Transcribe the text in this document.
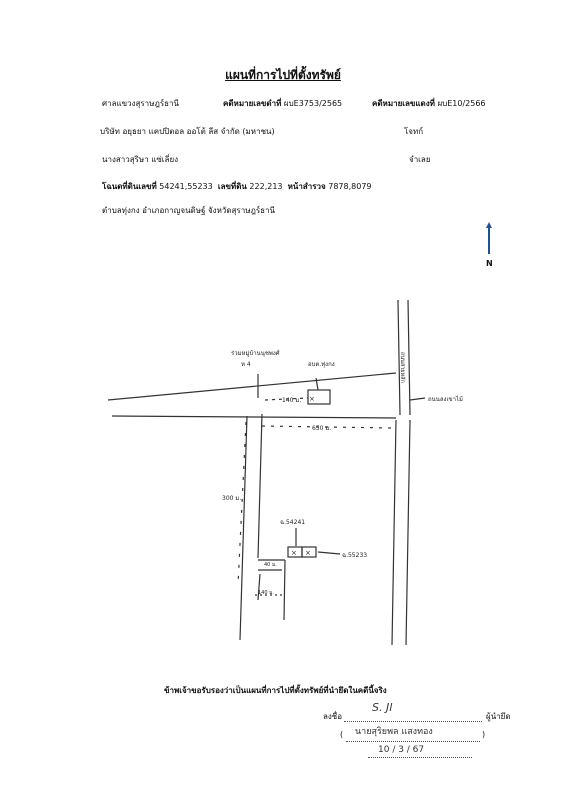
แผนที่การไปที่ตั้งทรัพย์
ศาลแขวงสุราษฎร์ธานี	คดีหมายเลขดำที่ ผบE3753/2565	คดีหมายเลขแดงที่ ผบE10/2566
บริษัท อยุธยา แคปปิตอล ออโต้ ลีส จำกัด (มหาชน)	โจทก์
นางสาวสุริษา แซ่เลี่ยง	จำเลย
โฉนดที่ดินเลขที่ 54241,55233 เลขที่ดิน 222,213 หน้าสำรวจ 7878,8079
ตำบลทุ่งกง อำเภอกาญจนดิษฐ์ จังหวัดสุราษฎร์ธานี
N
ร่วมหมู่บ้านนุชพงศ์
ห 4	อบต.ทุ่งกง
140 ม.
650 ม.
300 ม.
40 ม.
140 ม.
ฉ.54241
ฉ.55233
ถนนลงเขาไม้
ถนนสายหลัก
×
× ×
ข้าพเจ้าขอรับรองว่าเป็นแผนที่การไปที่ตั้งทรัพย์ที่นำยึดในคดีนี้จริง
ลงชื่อ
S. Jl
ผู้นำยึด
( นายสุริยพล แสงทอง	)
10 / 3 / 67
